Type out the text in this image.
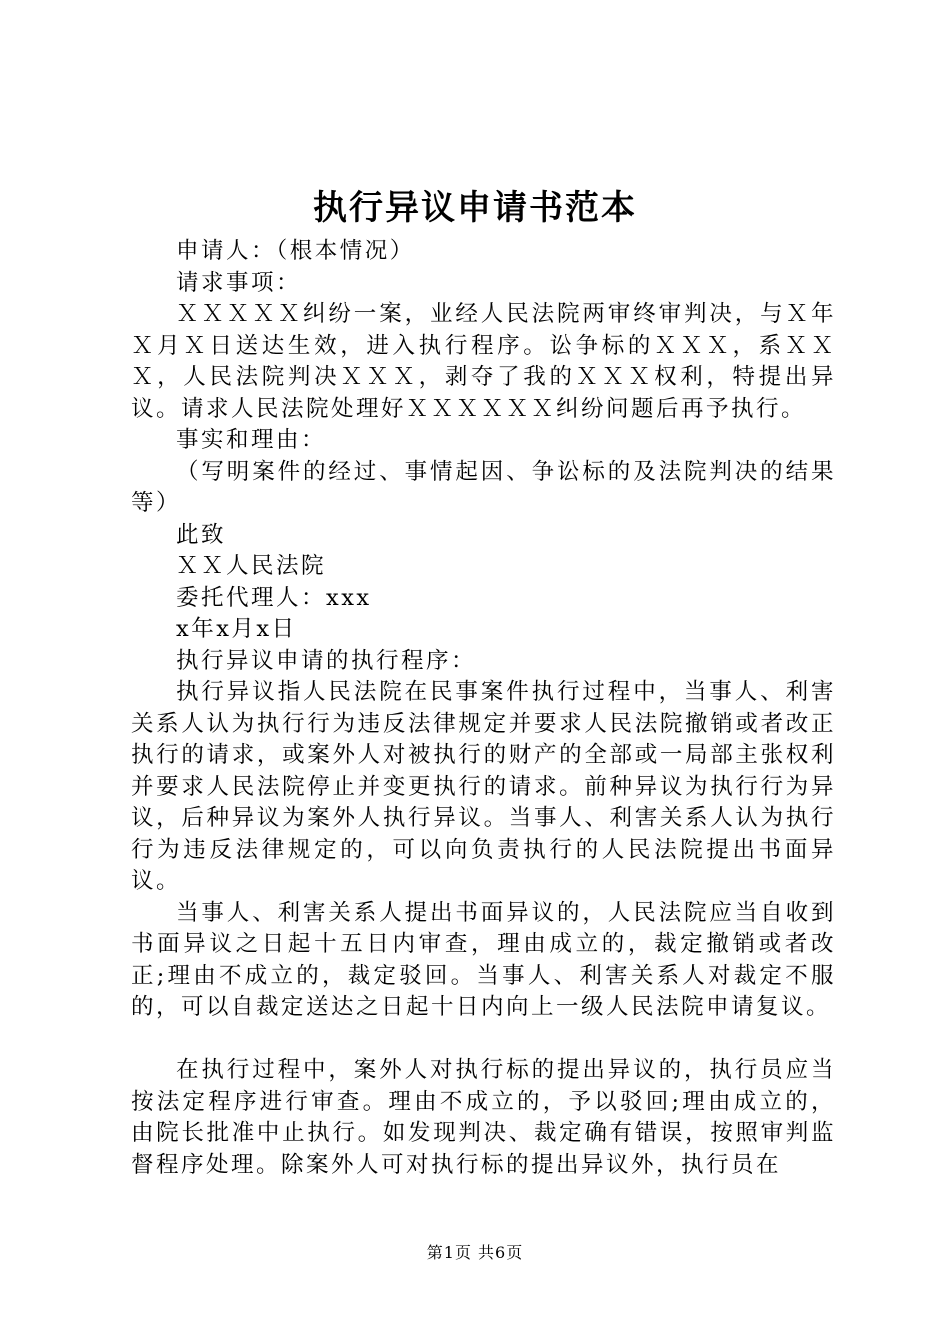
执行异议申请书范本

申请人：（根本情况）

请求事项：

ＸＸＸＸＸ纠纷一案，业经人民法院两审终审判决，与Ｘ年Ｘ月Ｘ日送达生效，进入执行程序。讼争标的ＸＸＸ，系ＸＸＸ，人民法院判决ＸＸＸ，剥夺了我的ＸＸＸ权利，特提出异议。请求人民法院处理好ＸＸＸＸＸＸ纠纷问题后再予执行。

事实和理由：

（写明案件的经过、事情起因、争讼标的及法院判决的结果等）

此致

ＸＸ人民法院

委托代理人：xxx

x年x月x日

执行异议申请的执行程序：

执行异议指人民法院在民事案件执行过程中，当事人、利害关系人认为执行行为违反法律规定并要求人民法院撤销或者改正执行的请求，或案外人对被执行的财产的全部或一局部主张权利并要求人民法院停止并变更执行的请求。前种异议为执行行为异议，后种异议为案外人执行异议。当事人、利害关系人认为执行行为违反法律规定的，可以向负责执行的人民法院提出书面异议。

当事人、利害关系人提出书面异议的，人民法院应当自收到书面异议之日起十五日内审查，理由成立的，裁定撤销或者改正;理由不成立的，裁定驳回。当事人、利害关系人对裁定不服的，可以自裁定送达之日起十日内向上一级人民法院申请复议。

在执行过程中，案外人对执行标的提出异议的，执行员应当按法定程序进行审查。理由不成立的，予以驳回;理由成立的，由院长批准中止执行。如发现判决、裁定确有错误，按照审判监督程序处理。除案外人可对执行标的提出异议外，执行员在

第1页 共6页
